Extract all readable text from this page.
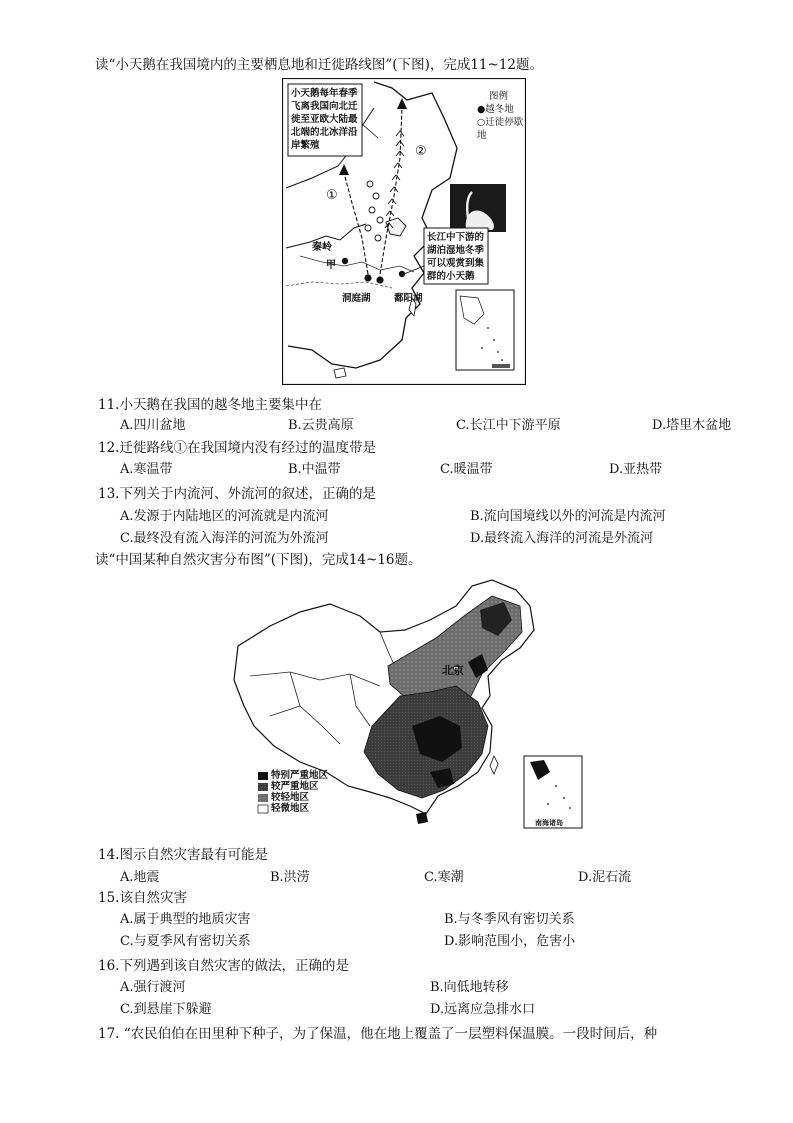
读“小天鹅在我国境内的主要栖息地和迁徙路线图”(下图)，完成11~12题。
小天鹅每年春季
飞离我国向北迁
徙至亚欧大陆最
北端的北冰洋沿
岸繁殖
图例
●越冬地
○迁徙停歇地
①
②
长江中下游的
湖泊湿地冬季
可以观赏到集
群的小天鹅
秦岭
甲
洞庭湖 鄱阳湖
11.小天鹅在我国的越冬地主要集中在
A.四川盆地	B.云贵高原	C.长江中下游平原	D.塔里木盆地
12.迁徙路线①在我国境内没有经过的温度带是
A.寒温带	B.中温带	C.暖温带	D.亚热带
13.下列关于内流河、外流河的叙述，正确的是
A.发源于内陆地区的河流就是内流河	B.流向国境线以外的河流是内流河
C.最终没有流入海洋的河流为外流河	D.最终流入海洋的河流是外流河
读“中国某种自然灾害分布图”(下图)，完成14~16题。
北京
特别严重地区
较严重地区
较轻地区
轻微地区
南海诸岛
14.图示自然灾害最有可能是
A.地震	B.洪涝	C.寒潮	D.泥石流
15.该自然灾害
A.属于典型的地质灾害	B.与冬季风有密切关系
C.与夏季风有密切关系	D.影响范围小，危害小
16.下列遇到该自然灾害的做法，正确的是
A.强行渡河	B.向低地转移
C.到悬崖下躲避	D.远离应急排水口
17. “农民伯伯在田里种下种子，为了保温，他在地上覆盖了一层塑料保温膜。一段时间后，种
